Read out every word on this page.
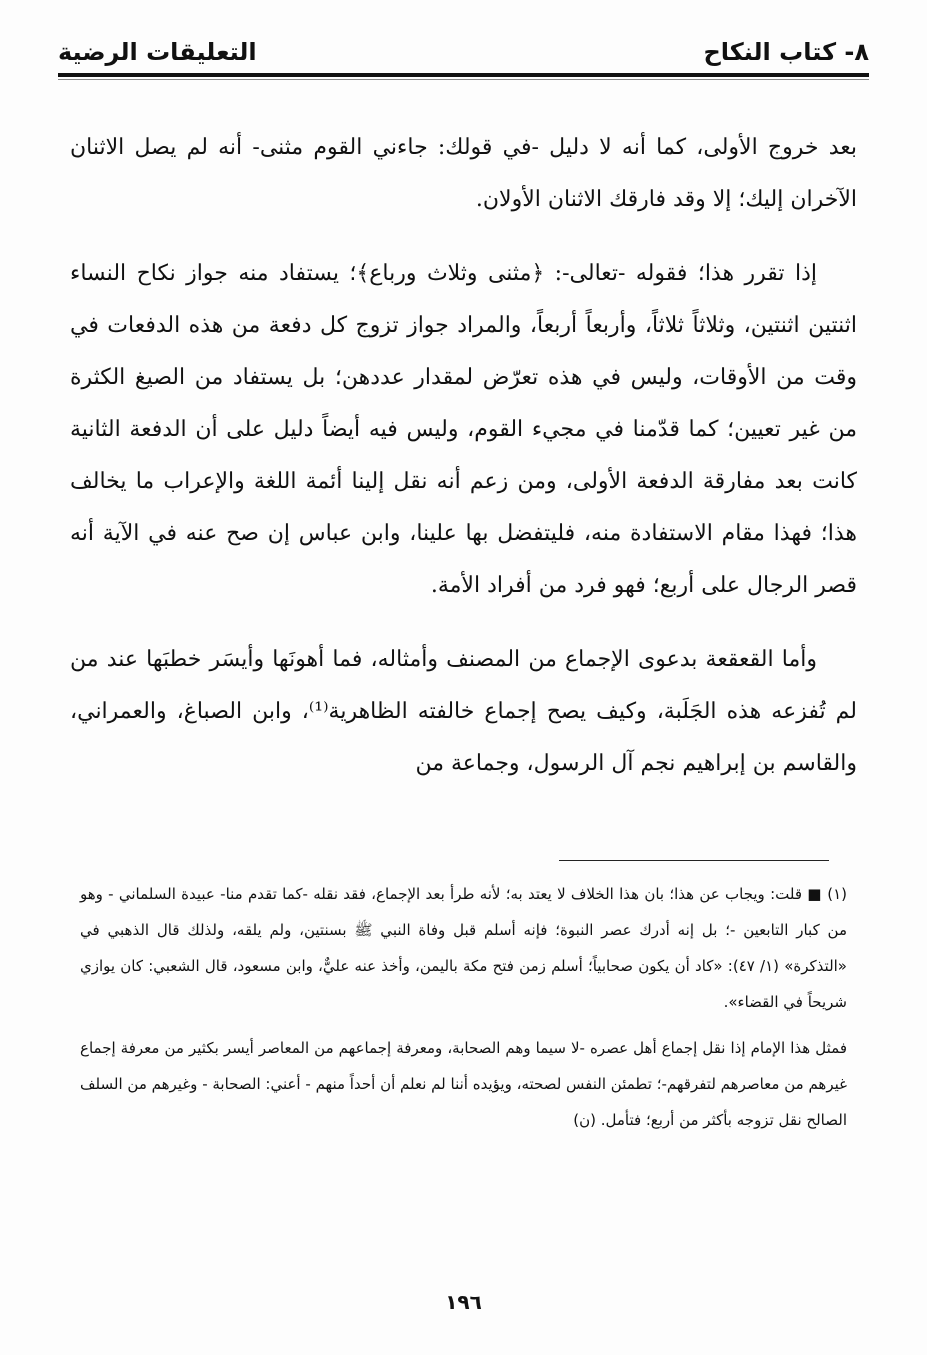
٨- كتاب النكاح
التعليقات الرضية

بعد خروج الأولى، كما أنه لا دليل -في قولك: جاءني القوم مثنى- أنه لم يصل الاثنان الآخران إليك؛ إلا وقد فارقك الاثنان الأولان.

إذا تقرر هذا؛ فقوله -تعالى-: ﴿مثنى وثلاث ورباع﴾؛ يستفاد منه جواز نكاح النساء اثنتين اثنتين، وثلاثاً ثلاثاً، وأربعاً أربعاً، والمراد جواز تزوج كل دفعة من هذه الدفعات في وقت من الأوقات، وليس في هذه تعرّض لمقدار عددهن؛ بل يستفاد من الصيغ الكثرة من غير تعيين؛ كما قدّمنا في مجيء القوم، وليس فيه أيضاً دليل على أن الدفعة الثانية كانت بعد مفارقة الدفعة الأولى، ومن زعم أنه نقل إلينا أئمة اللغة والإعراب ما يخالف هذا؛ فهذا مقام الاستفادة منه، فليتفضل بها علينا، وابن عباس إن صح عنه في الآية أنه قصر الرجال على أربع؛ فهو فرد من أفراد الأمة.

وأما القعقعة بدعوى الإجماع من المصنف وأمثاله، فما أهونَها وأيسَر خطبَها عند من لم تُفزعه هذه الجَلَبة، وكيف يصح إجماع خالفته الظاهرية⁽¹⁾، وابن الصباغ، والعمراني، والقاسم بن إبراهيم نجم آل الرسول، وجماعة من

(١) ■ قلت: ويجاب عن هذا؛ بان هذا الخلاف لا يعتد به؛ لأنه طرأ بعد الإجماع، فقد نقله -كما تقدم منا- عبيدة السلماني - وهو من كبار التابعين -؛ بل إنه أدرك عصر النبوة؛ فإنه أسلم قبل وفاة النبي ﷺ بسنتين، ولم يلقه، ولذلك قال الذهبي في «التذكرة» (١/ ٤٧): «كاد أن يكون صحابياً؛ أسلم زمن فتح مكة باليمن، وأخذ عنه عليٌّ، وابن مسعود، قال الشعبي: كان يوازي شريحاً في القضاء».

فمثل هذا الإمام إذا نقل إجماع أهل عصره -لا سيما وهم الصحابة، ومعرفة إجماعهم من المعاصر أيسر بكثير من معرفة إجماع غيرهم من معاصرهم لتفرقهم-؛ تطمئن النفس لصحته، ويؤيده أننا لم نعلم أن أحداً منهم - أعني: الصحابة - وغيرهم من السلف الصالح نقل تزوجه بأكثر من أربع؛ فتأمل. (ن)

١٩٦
